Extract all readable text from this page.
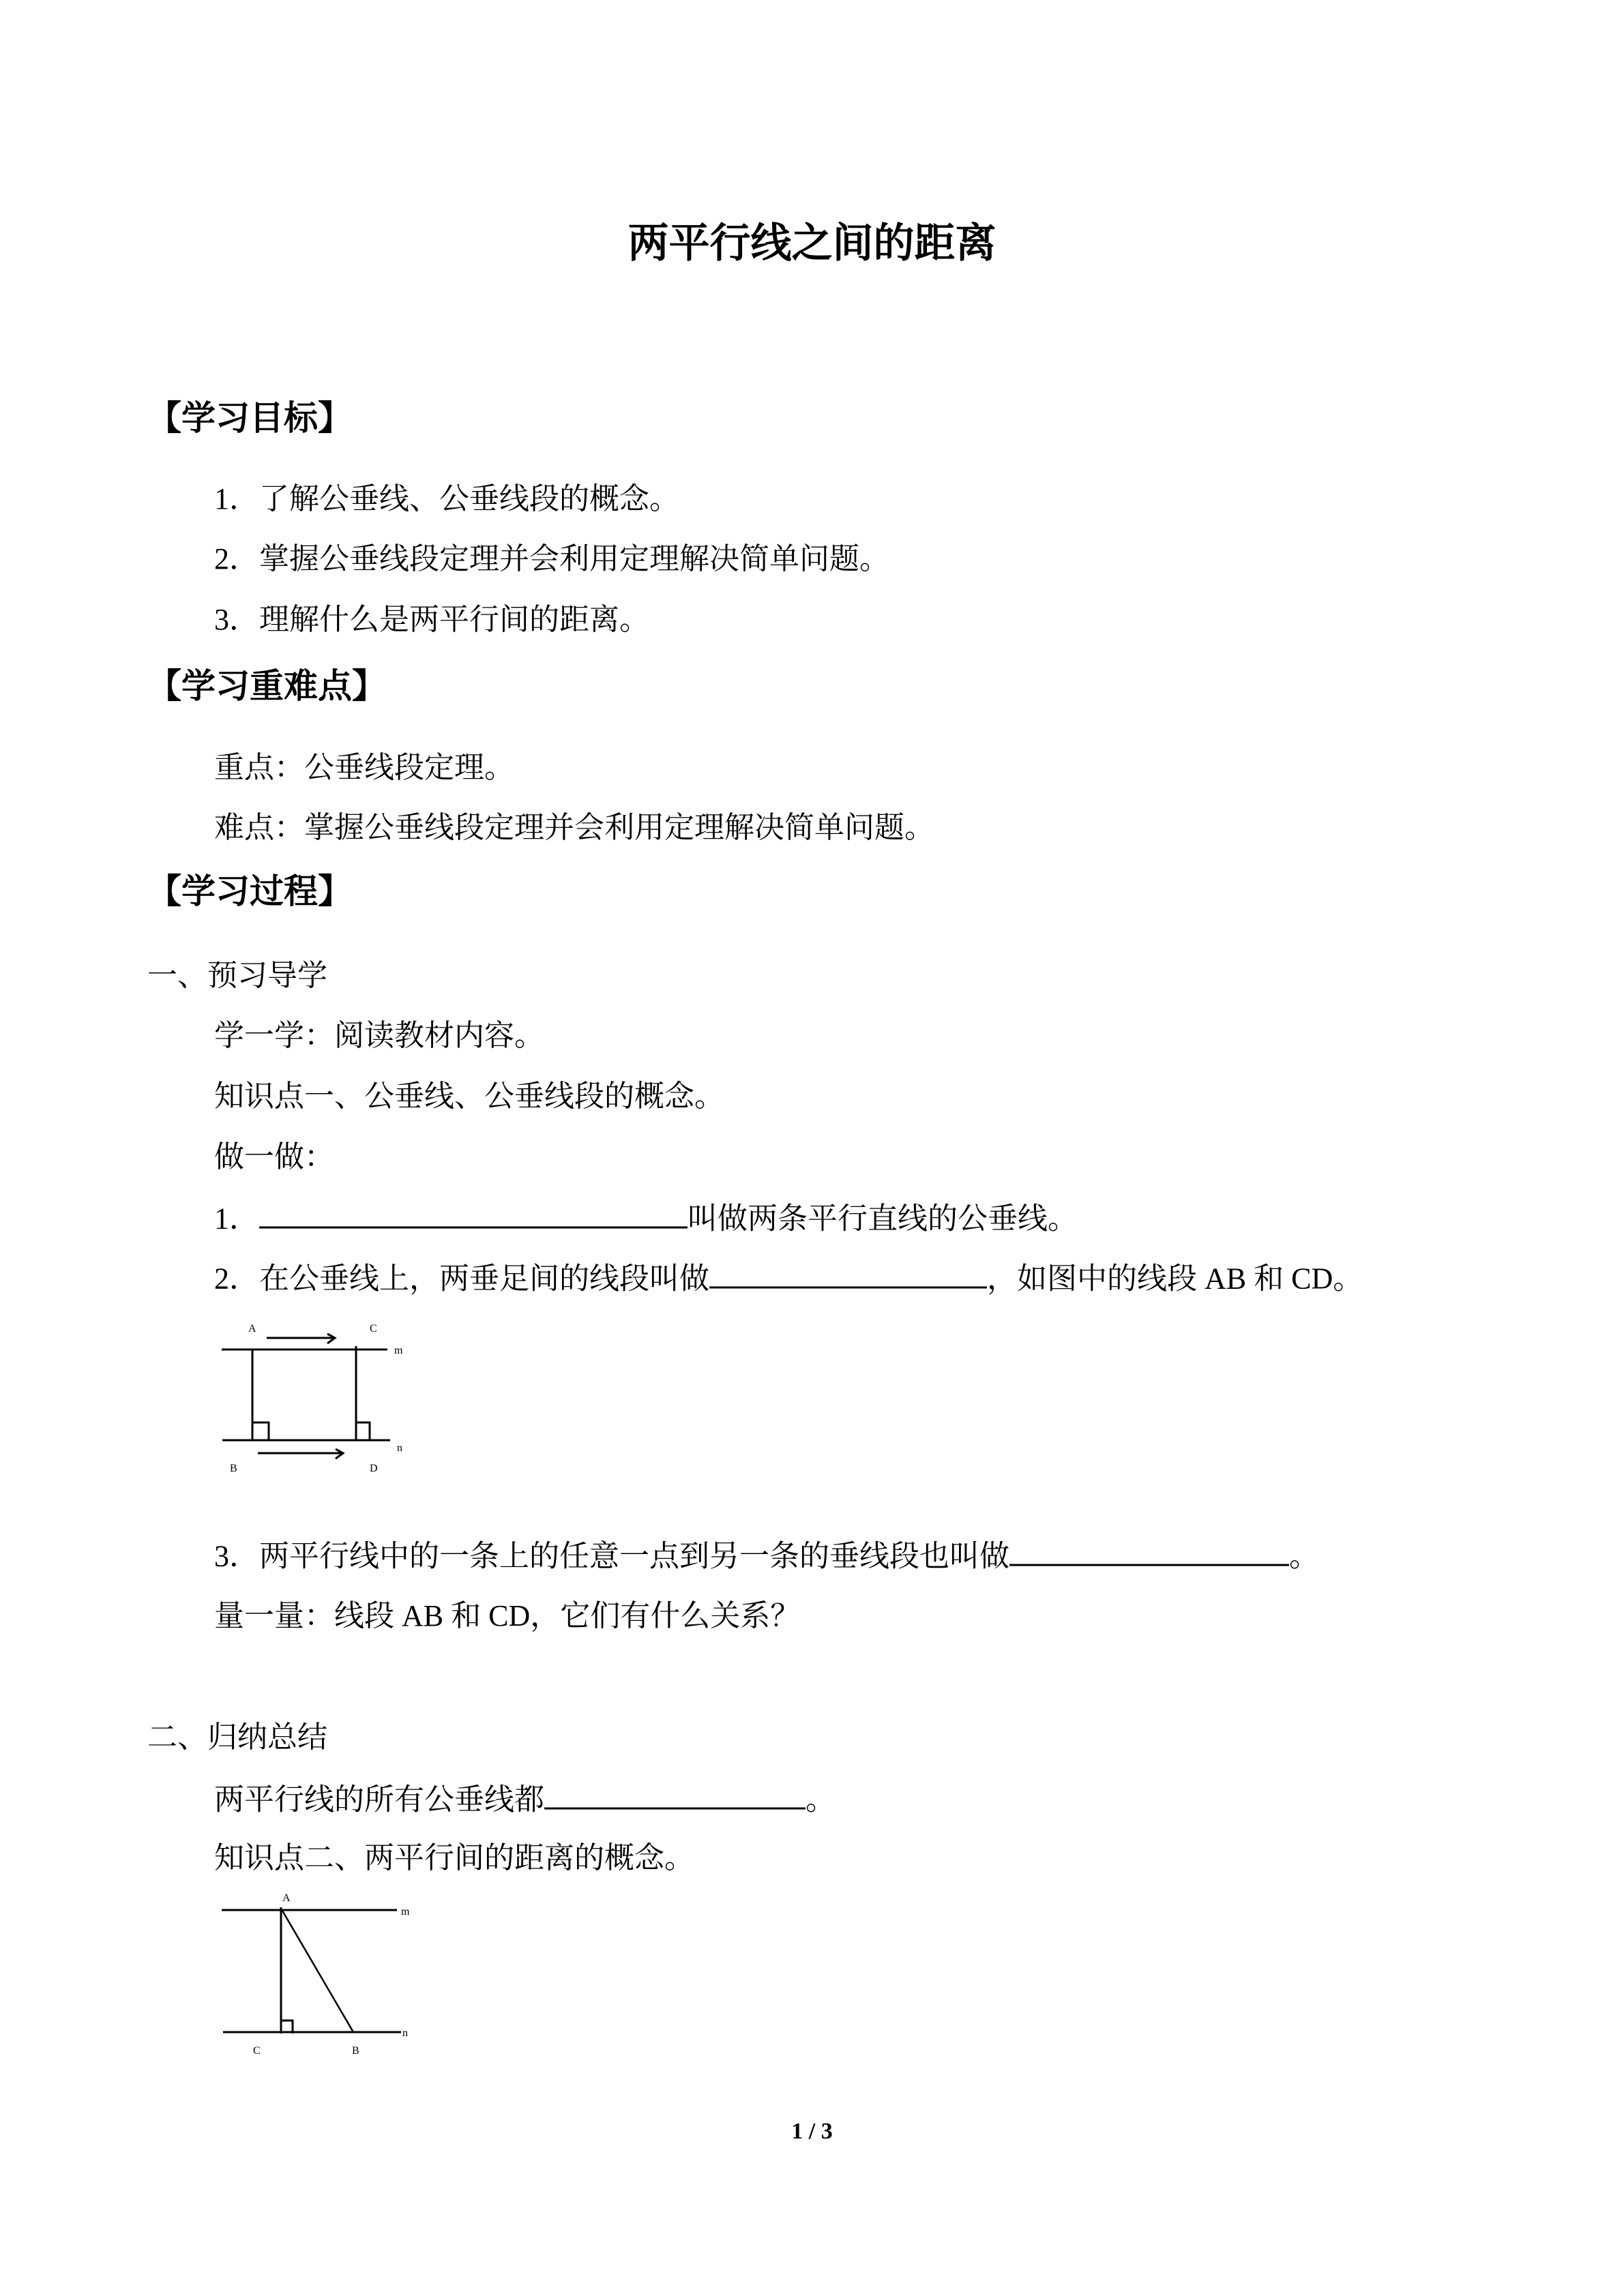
两平行线之间的距离
【学习目标】
1．了解公垂线、公垂线段的概念。
2．掌握公垂线段定理并会利用定理解决简单问题。
3．理解什么是两平行间的距离。
【学习重难点】
重点：公垂线段定理。
难点：掌握公垂线段定理并会利用定理解决简单问题。
【学习过程】
一、预习导学
学一学：阅读教材内容。
知识点一、公垂线、公垂线段的概念。
做一做：
1．	叫做两条平行直线的公垂线。
2．在公垂线上，两垂足间的线段叫做	，如图中的线段 AB 和 CD。
A	C
m
B	D
n
3．两平行线中的一条上的任意一点到另一条的垂线段也叫做	。
量一量：线段 AB 和 CD，它们有什么关系？
二、归纳总结
两平行线的所有公垂线都	。
知识点二、两平行间的距离的概念。
A
m
n
C	B
1 / 3
